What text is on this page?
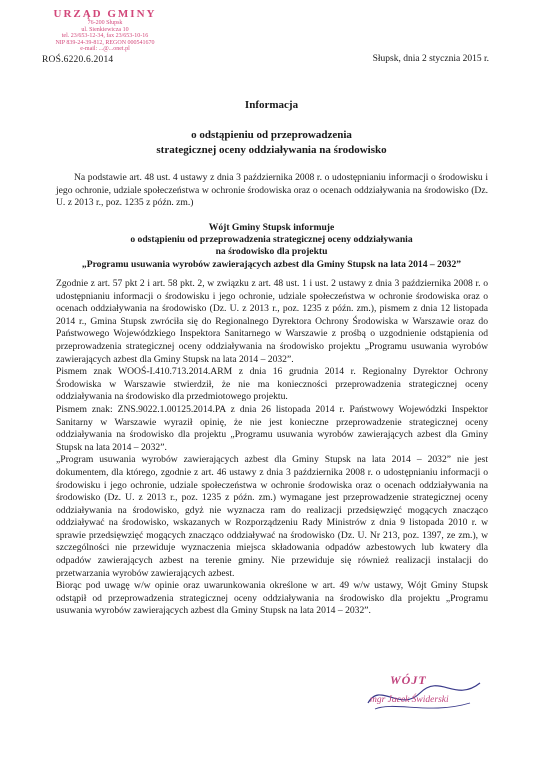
URZĄD GMINY
76-200 Słupsk
ul. Sienkiewicza 10
tel. 23/653-12-34, fax 23/653-10-16
NIP 839-24-39-812, REGON 000541670
e-mail: ...@...onet.pl
ROŚ.6220.6.2014	Słupsk, dnia 2 stycznia 2015 r.
Informacja
o odstąpieniu od przeprowadzenia
strategicznej oceny oddziaływania na środowisko
Na podstawie art. 48 ust. 4 ustawy z dnia 3 października 2008 r. o udostępnianiu informacji o środowisku i jego ochronie, udziale społeczeństwa w ochronie środowiska oraz o ocenach oddziaływania na środowisko (Dz. U. z 2013 r., poz. 1235 z późn. zm.)
Wójt Gminy Stupsk informuje
o odstąpieniu od przeprowadzenia strategicznej oceny oddziaływania
na środowisko dla projektu
„Programu usuwania wyrobów zawierających azbest dla Gminy Stupsk na lata 2014 – 2032”

Zgodnie z art. 57 pkt 2 i art. 58 pkt. 2, w związku z art. 48 ust. 1 i ust. 2 ustawy z dnia 3 października 2008 r. o udostępnianiu informacji o środowisku i jego ochronie, udziale społeczeństwa w ochronie środowiska oraz o ocenach oddziaływania na środowisko (Dz. U. z 2013 r., poz. 1235 z późn. zm.), pismem z dnia 12 listopada 2014 r., Gmina Stupsk zwróciła się do Regionalnego Dyrektora Ochrony Środowiska w Warszawie oraz do Państwowego Wojewódzkiego Inspektora Sanitarnego w Warszawie z prośbą o uzgodnienie odstąpienia od przeprowadzenia strategicznej oceny oddziaływania na środowisko projektu „Programu usuwania wyrobów zawierających azbest dla Gminy Stupsk na lata 2014 – 2032”.

Pismem znak WOOŚ-I.410.713.2014.ARM z dnia 16 grudnia 2014 r. Regionalny Dyrektor Ochrony Środowiska w Warszawie stwierdził, że nie ma konieczności przeprowadzenia strategicznej oceny oddziaływania na środowisko dla przedmiotowego projektu.

Pismem znak: ZNS.9022.1.00125.2014.PA z dnia 26 listopada 2014 r. Państwowy Wojewódzki Inspektor Sanitarny w Warszawie wyraził opinię, że nie jest konieczne przeprowadzenie strategicznej oceny oddziaływania na środowisko dla projektu „Programu usuwania wyrobów zawierających azbest dla Gminy Stupsk na lata 2014 – 2032”.

„Program usuwania wyrobów zawierających azbest dla Gminy Stupsk na lata 2014 – 2032” nie jest dokumentem, dla którego, zgodnie z art. 46 ustawy z dnia 3 października 2008 r. o udostępnianiu informacji o środowisku i jego ochronie, udziale społeczeństwa w ochronie środowiska oraz o ocenach oddziaływania na środowisko (Dz. U. z 2013 r., poz. 1235 z późn. zm.) wymagane jest przeprowadzenie strategicznej oceny oddziaływania na środowisko, gdyż nie wyznacza ram do realizacji przedsięwzięć mogących znacząco oddziaływać na środowisko, wskazanych w Rozporządzeniu Rady Ministrów z dnia 9 listopada 2010 r. w sprawie przedsięwzięć mogących znacząco oddziaływać na środowisko (Dz. U. Nr 213, poz. 1397, ze zm.), w szczególności nie przewiduje wyznaczenia miejsca składowania odpadów azbestowych lub kwatery dla odpadów zawierających azbest na terenie gminy. Nie przewiduje się również realizacji instalacji do przetwarzania wyrobów zawierających azbest.

Biorąc pod uwagę w/w opinie oraz uwarunkowania określone w art. 49 w/w ustawy, Wójt Gminy Stupsk odstąpił od przeprowadzenia strategicznej oceny oddziaływania na środowisko dla projektu „Programu usuwania wyrobów zawierających azbest dla Gminy Stupsk na lata 2014 – 2032”.

WÓJT
mgr Jacek Świderski
